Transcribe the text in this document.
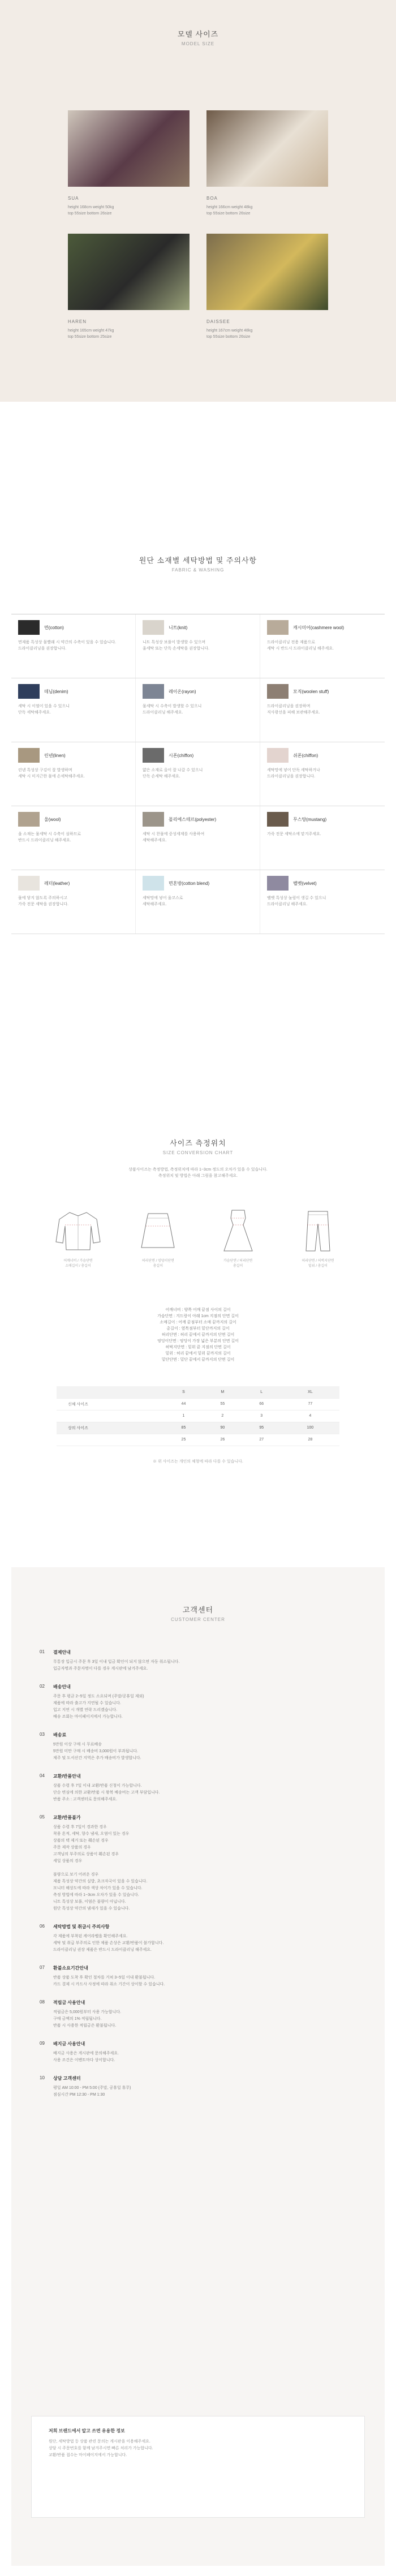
모델 사이즈
MODEL SIZE
SUA
height 168cm weight 50kg
top 55size bottom 26size
BOA
height 166cm weight 48kg
top 55size bottom 26size
HAREN
height 165cm weight 47kg
top 55size bottom 25size
DAISSEE
height 167cm weight 48kg
top 55size bottom 26size
원단 소재별 세탁방법 및 주의사항
FABRIC & WASHING
면(cotton)
면제품 특성상 물빨래 시 약간의 수축이 있을 수 있습니다.
드라이클리닝을 권장합니다.
니트(knit)
니트 특성상 보풀이 발생할 수 있으며
울세탁 또는 단독 손세탁을 권장합니다.
캐시미어(cashmere wool)
드라이클리닝 전용 제품으로
세탁 시 반드시 드라이클리닝 해주세요.
데님(denim)
세탁 시 이염이 있을 수 있으니
단독 세탁해주세요.
레이온(rayon)
물세탁 시 수축이 발생할 수 있으니
드라이클리닝 해주세요.
모직(woolen stuff)
드라이클리닝을 권장하며
직사광선을 피해 보관해주세요.
린넨(linen)
린넨 특성상 구김이 잘 발생하며
세탁 시 미지근한 물에 손세탁해주세요.
시폰(chiffon)
얇은 소재로 올이 잘 나갈 수 있으니
단독 손세탁 해주세요.
쉬폰(chiffon)
세탁망에 넣어 단독 세탁하거나
드라이클리닝을 권장합니다.
울(wool)
울 소재는 물세탁 시 수축이 심하므로
반드시 드라이클리닝 해주세요.
폴리에스테르(polyester)
세탁 시 찬물에 중성세제를 사용하여
세탁해주세요.
무스탕(mustang)
가죽 전문 세탁소에 맡겨주세요.
레더(leather)
물에 닿지 않도록 주의하시고
가죽 전문 세탁을 권장합니다.
면혼방(cotton blend)
세탁망에 넣어 울코스로
세탁해주세요.
벨벳(velvet)
벨벳 특성상 눌림이 생길 수 있으니
드라이클리닝 해주세요.
사이즈 측정위치
SIZE CONVERSION CHART
상품사이즈는 측정방법, 측정위치에 따라 1~3cm 정도의 오차가 있을 수 있습니다.
측정위치 및 방법은 아래 그림을 참고해주세요.
어깨너비 / 가슴단면
소매길이 / 총길이
허리단면 / 엉덩이단면
총길이
가슴단면 / 허리단면
총길이
허리단면 / 허벅지단면
밑위 / 총길이
어깨너비 : 양쪽 어깨 끝점 사이의 길이
가슴단면 : 겨드랑이 아래 1cm 지점의 단면 길이
소매길이 : 어깨 끝점부터 소매 끝까지의 길이
총길이 : 옆목점부터 밑단까지의 길이
허리단면 : 허리 끝에서 끝까지의 단면 길이
엉덩이단면 : 엉덩이 가장 넓은 부분의 단면 길이
허벅지단면 : 밑위 끝 지점의 단면 길이
밑위 : 허리 끝에서 밑위 끝까지의 길이
밑단단면 : 밑단 끝에서 끝까지의 단면 길이
	S	M	L	XL
신체 사이즈	44	55	66	77
	1	2	3	4
상의 사이즈	85	90	95	100
	25	26	27	28
※ 위 사이즈는 개인의 체형에 따라 다를 수 있습니다.
고객센터
CUSTOMER CENTER
01	결제안내
무통장 입금시 주문 후 3일 이내 입금 확인이 되지 않으면 자동 취소됩니다.
입금자명과 주문자명이 다를 경우 게시판에 남겨주세요.
02	배송안내
주문 후 평균 2~5일 정도 소요되며 (주말/공휴일 제외)
제품에 따라 출고가 지연될 수 있습니다.
입고 지연 시 개별 연락 드리겠습니다.
배송 조회는 마이페이지에서 가능합니다.
03	배송료
5만원 이상 구매 시 무료배송
5만원 미만 구매 시 배송비 3,000원이 부과됩니다.
제주 및 도서산간 지역은 추가 배송비가 발생합니다.
04	교환/반품안내
상품 수령 후 7일 이내 교환/반품 신청이 가능합니다.
단순 변심에 의한 교환/반품 시 왕복 배송비는 고객 부담입니다.
반품 주소 : 고객센터로 문의해주세요.
05	교환/반품불가
상품 수령 후 7일이 경과한 경우
착용 흔적, 세탁, 향수 냄새, 오염이 있는 경우
상품의 택 제거 또는 훼손된 경우
주문 제작 상품의 경우
고객님의 부주의로 상품이 훼손된 경우
세일 상품의 경우

불량으로 보기 어려운 경우
제품 특성상 약간의 실밥, 초크자국이 있을 수 있습니다.
모니터 해상도에 따라 색상 차이가 있을 수 있습니다.
측정 방법에 따라 1~3cm 오차가 있을 수 있습니다.
니트 특성상 보풀, 이염은 불량이 아닙니다.
원단 특성상 약간의 냄새가 있을 수 있습니다.
06	세탁방법 및 취급시 주의사항
각 제품에 부착된 케어라벨을 확인해주세요.
세탁 및 취급 부주의로 인한 제품 손상은 교환/반품이 불가합니다.
드라이클리닝 권장 제품은 반드시 드라이클리닝 해주세요.
07	환불소요기간안내
반품 상품 도착 후 확인 절차를 거쳐 3~5일 이내 환불됩니다.
카드 결제 시 카드사 사정에 따라 취소 기간이 상이할 수 있습니다.
08	적립금 사용안내
적립금은 5,000원부터 사용 가능합니다.
구매 금액의 1% 적립됩니다.
반품 시 사용한 적립금은 환불됩니다.
09	배지금 사용안내
배지금 사용은 게시판에 문의해주세요.
사용 조건은 이벤트마다 상이합니다.
10	상담 고객센터
평일 AM 10:00 - PM 5:00 (주말, 공휴일 휴무)
점심시간 PM 12:30 - PM 1:30
저희 브랜드에서 알고 쓰면 유용한 정보
원단, 세탁방법 등 상품 관련 문의는 게시판을 이용해주세요.
상담 시 주문번호를 함께 남겨주시면 빠른 처리가 가능합니다.
교환/반품 접수는 마이페이지에서 가능합니다.
